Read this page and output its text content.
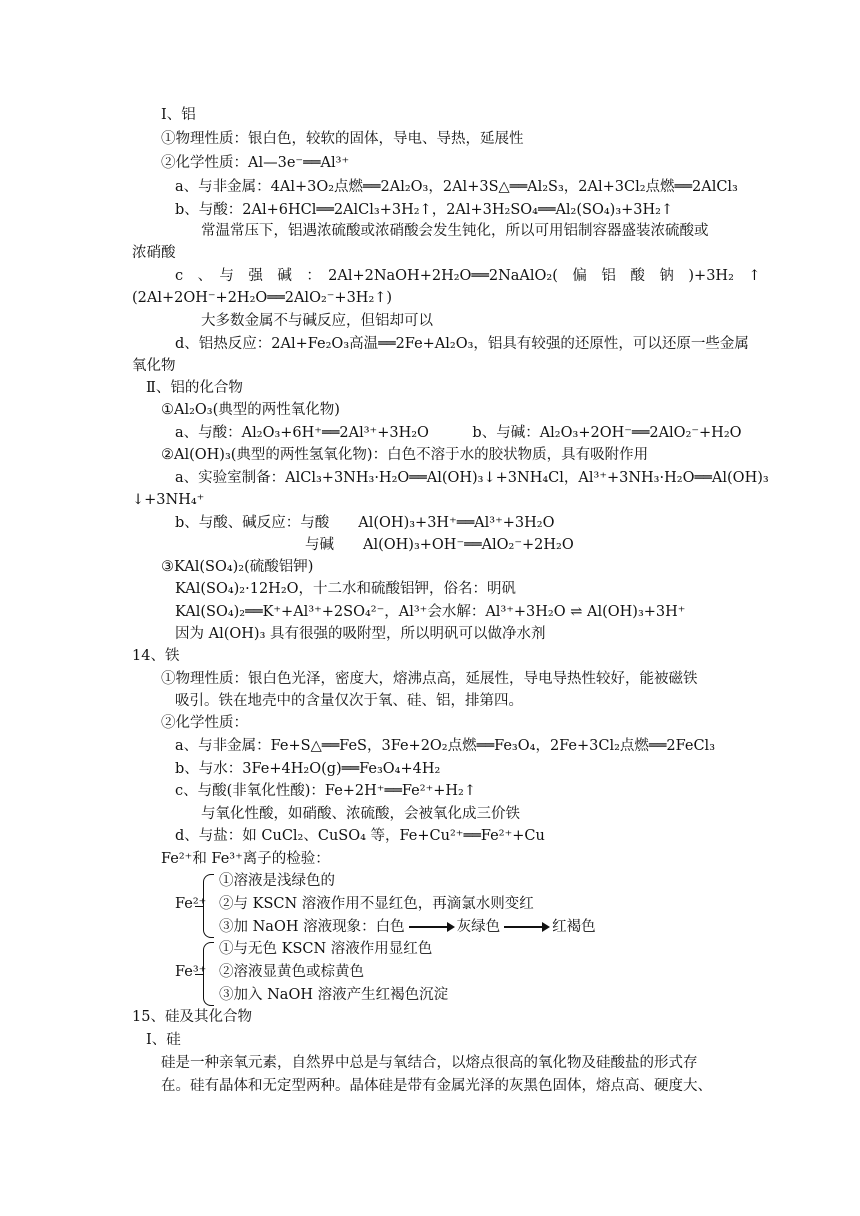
Ⅰ、铝
①物理性质：银白色，较软的固体，导电、导热，延展性
②化学性质：Al—3e⁻══Al³⁺
a、与非金属：4Al+3O₂点燃══2Al₂O₃，2Al+3S△══Al₂S₃，2Al+3Cl₂点燃══2AlCl₃
b、与酸：2Al+6HCl══2AlCl₃+3H₂↑，2Al+3H₂SO₄══Al₂(SO₄)₃+3H₂↑
常温常压下，铝遇浓硫酸或浓硝酸会发生钝化，所以可用铝制容器盛装浓硫酸或
浓硝酸
c　、　与　强　碱　：　2Al+2NaOH+2H₂O══2NaAlO₂(　偏　铝　酸　钠　)+3H₂　↑
(2Al+2OH⁻+2H₂O══2AlO₂⁻+3H₂↑)
大多数金属不与碱反应，但铝却可以
d、铝热反应：2Al+Fe₂O₃高温══2Fe+Al₂O₃，铝具有较强的还原性，可以还原一些金属
氧化物
Ⅱ、铝的化合物
①Al₂O₃(典型的两性氧化物)
a、与酸：Al₂O₃+6H⁺══2Al³⁺+3H₂O　　　b、与碱：Al₂O₃+2OH⁻══2AlO₂⁻+H₂O
②Al(OH)₃(典型的两性氢氧化物)：白色不溶于水的胶状物质，具有吸附作用
a、实验室制备：AlCl₃+3NH₃·H₂O══Al(OH)₃↓+3NH₄Cl，Al³⁺+3NH₃·H₂O══Al(OH)₃
↓+3NH₄⁺
b、与酸、碱反应：与酸　　Al(OH)₃+3H⁺══Al³⁺+3H₂O
与碱　　Al(OH)₃+OH⁻══AlO₂⁻+2H₂O
③KAl(SO₄)₂(硫酸铝钾)
KAl(SO₄)₂·12H₂O，十二水和硫酸铝钾，俗名：明矾
KAl(SO₄)₂══K⁺+Al³⁺+2SO₄²⁻，Al³⁺会水解：Al³⁺+3H₂O ⇌ Al(OH)₃+3H⁺
因为 Al(OH)₃ 具有很强的吸附型，所以明矾可以做净水剂
14、铁
①物理性质：银白色光泽，密度大，熔沸点高，延展性，导电导热性较好，能被磁铁
吸引。铁在地壳中的含量仅次于氧、硅、铝，排第四。
②化学性质：
a、与非金属：Fe+S△══FeS，3Fe+2O₂点燃══Fe₃O₄，2Fe+3Cl₂点燃══2FeCl₃
b、与水：3Fe+4H₂O(g)══Fe₃O₄+4H₂
c、与酸(非氧化性酸)：Fe+2H⁺══Fe²⁺+H₂↑
与氧化性酸，如硝酸、浓硫酸，会被氧化成三价铁
d、与盐：如 CuCl₂、CuSO₄ 等，Fe+Cu²⁺══Fe²⁺+Cu
Fe²⁺和 Fe³⁺离子的检验：
Fe²⁺
①溶液是浅绿色的
②与 KSCN 溶液作用不显红色，再滴氯水则变红
③加 NaOH 溶液现象：白色	灰绿色	红褐色
Fe³⁺
①与无色 KSCN 溶液作用显红色
②溶液显黄色或棕黄色
③加入 NaOH 溶液产生红褐色沉淀
15、硅及其化合物
Ⅰ、硅
硅是一种亲氧元素，自然界中总是与氧结合，以熔点很高的氧化物及硅酸盐的形式存
在。硅有晶体和无定型两种。晶体硅是带有金属光泽的灰黑色固体，熔点高、硬度大、
